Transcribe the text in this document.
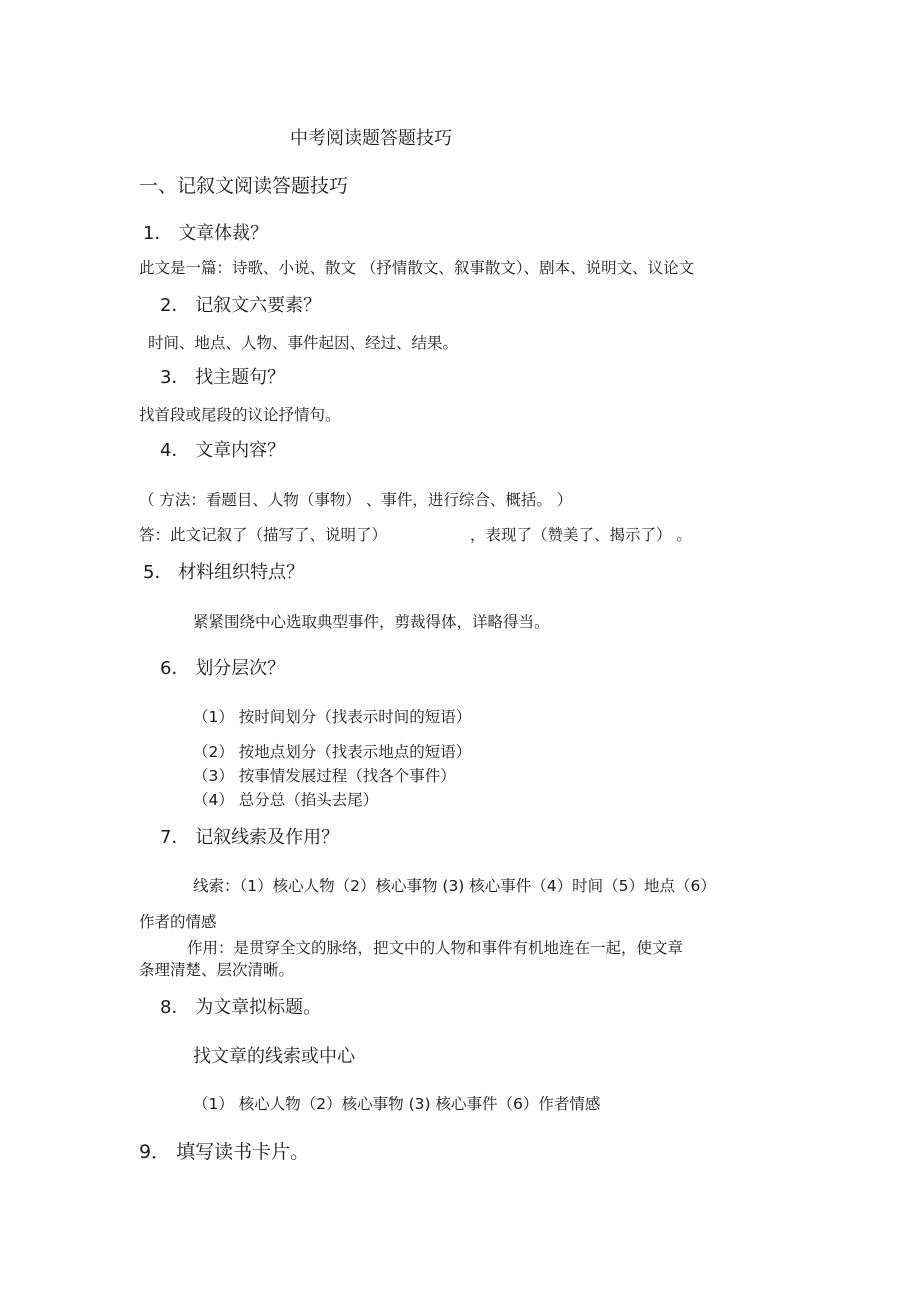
中考阅读题答题技巧
一、记叙文阅读答题技巧
1． 文章体裁？
此文是一篇：诗歌、小说、散文 （抒情散文、叙事散文）、剧本、说明文、议论文
2． 记叙文六要素？
时间、地点、人物、事件起因、经过、结果。
3． 找主题句？
找首段或尾段的议论抒情句。
4． 文章内容？
（ 方法：看题目、人物（事物） 、事件，进行综合、概括。 ）
答：此文记叙了（描写了、说明了）	，表现了（赞美了、揭示了） 。
5． 材料组织特点？
紧紧围绕中心选取典型事件，剪裁得体，详略得当。
6． 划分层次？
（1） 按时间划分（找表示时间的短语）
（2） 按地点划分（找表示地点的短语）
（3） 按事情发展过程（找各个事件）
（4） 总分总（掐头去尾）
7． 记叙线索及作用？
线索：（1）核心人物（2）核心事物 (3) 核心事件（4）时间（5）地点（6）
作者的情感
作用：是贯穿全文的脉络，把文中的人物和事件有机地连在一起，使文章
条理清楚、层次清晰。
8． 为文章拟标题。
找文章的线索或中心
（1） 核心人物（2）核心事物 (3) 核心事件（6）作者情感
9． 填写读书卡片。
